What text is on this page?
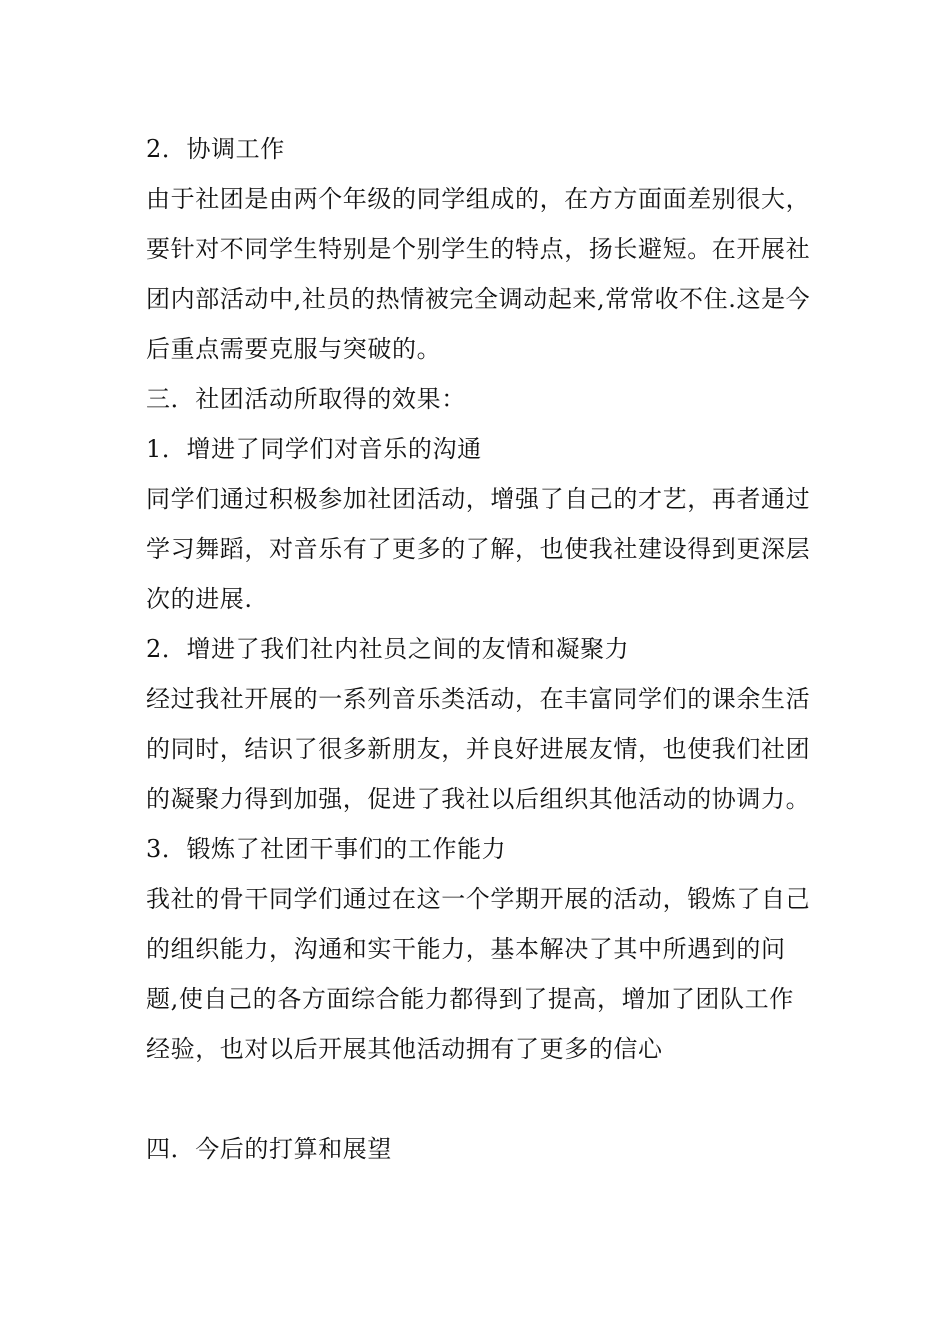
2．协调工作

由于社团是由两个年级的同学组成的，在方方面面差别很大，要针对不同学生特别是个别学生的特点，扬长避短。在开展社团内部活动中,社员的热情被完全调动起来,常常收不住.这是今后重点需要克服与突破的。

三．社团活动所取得的效果：

1．增进了同学们对音乐的沟通

同学们通过积极参加社团活动，增强了自己的才艺，再者通过学习舞蹈，对音乐有了更多的了解，也使我社建设得到更深层次的进展.

2．增进了我们社内社员之间的友情和凝聚力

经过我社开展的一系列音乐类活动，在丰富同学们的课余生活的同时，结识了很多新朋友，并良好进展友情，也使我们社团的凝聚力得到加强，促进了我社以后组织其他活动的协调力。

3．锻炼了社团干事们的工作能力

我社的骨干同学们通过在这一个学期开展的活动，锻炼了自己的组织能力，沟通和实干能力，基本解决了其中所遇到的问题,使自己的各方面综合能力都得到了提高，增加了团队工作经验，也对以后开展其他活动拥有了更多的信心

四．今后的打算和展望
